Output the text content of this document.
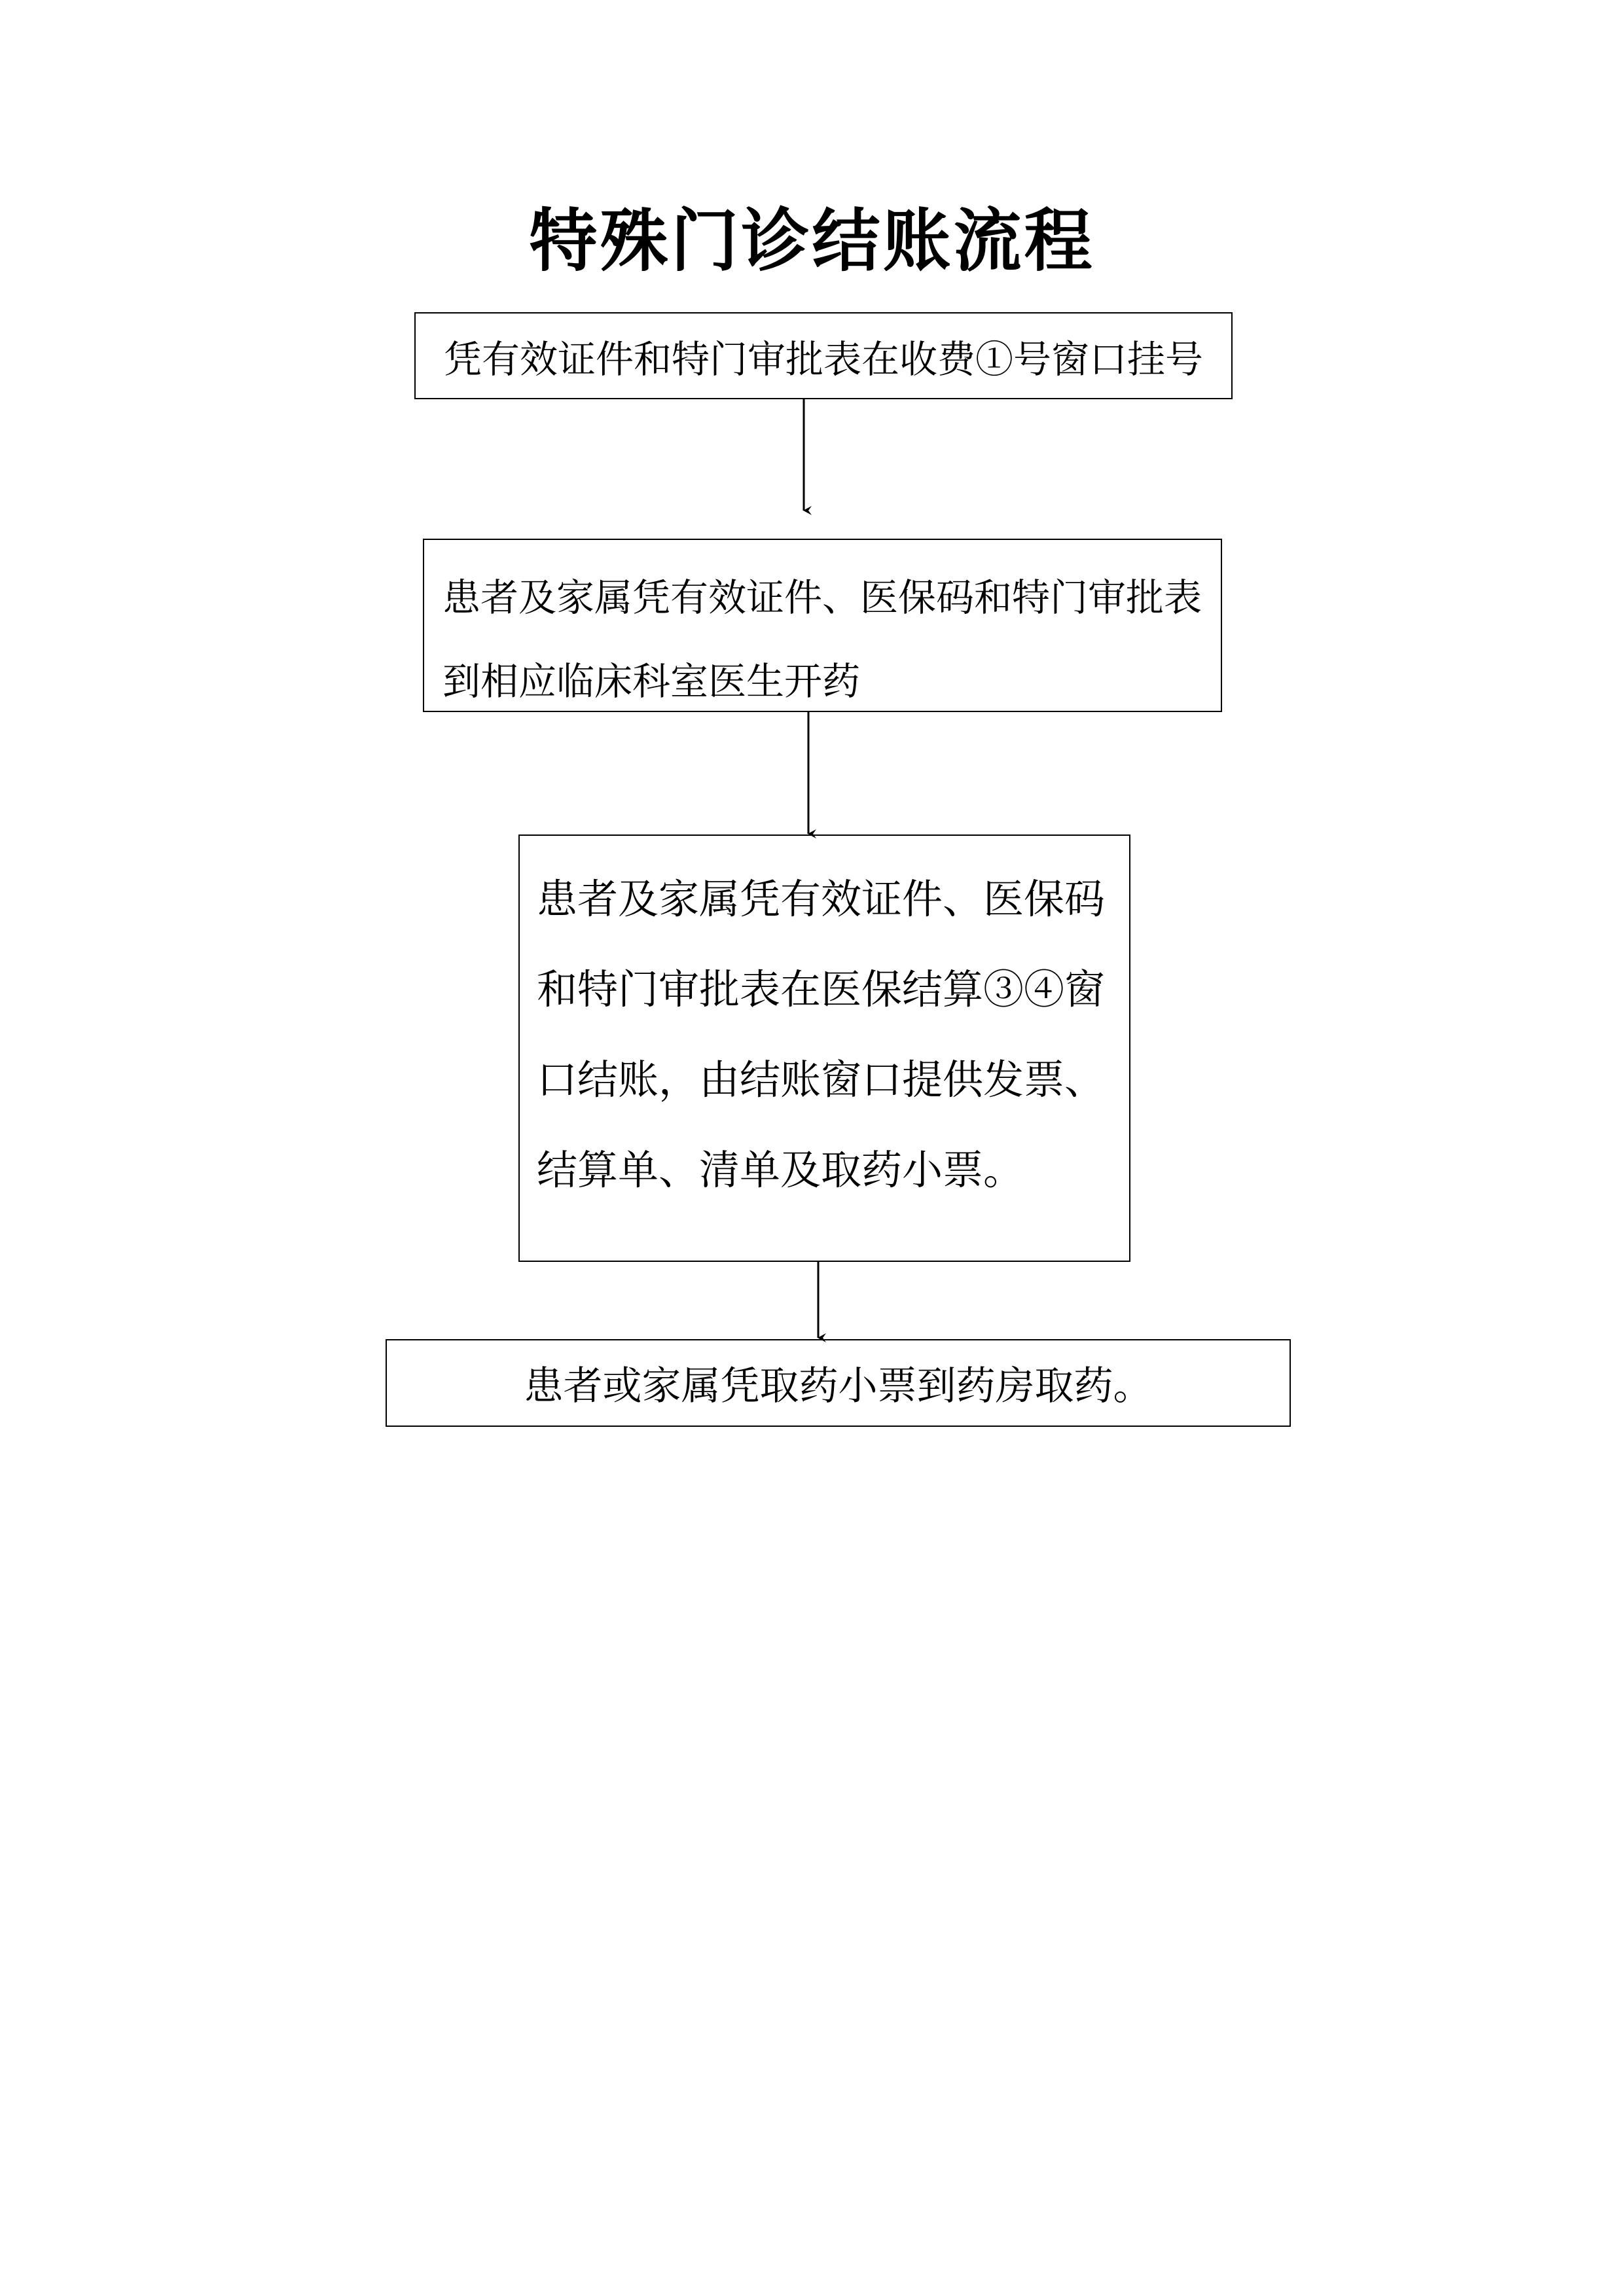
特殊门诊结账流程
凭有效证件和特门审批表在收费①号窗口挂号
患者及家属凭有效证件、医保码和特门审批表到相应临床科室医生开药
患者及家属凭有效证件、医保码和特门审批表在医保结算③④窗口结账，由结账窗口提供发票、结算单、清单及取药小票。
患者或家属凭取药小票到药房取药。
